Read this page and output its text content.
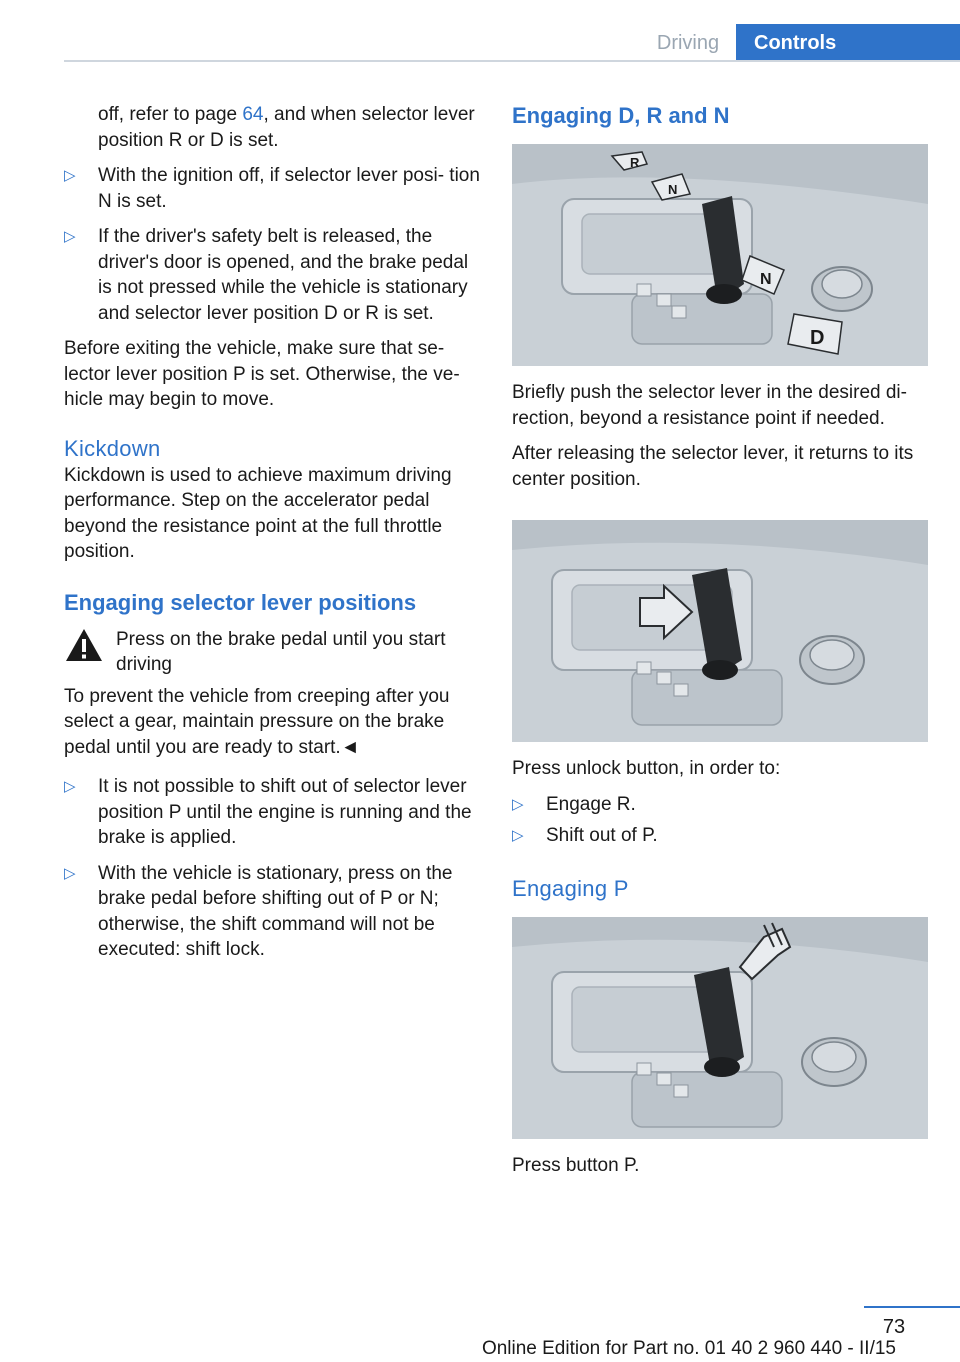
Driving	Controls

off, refer to page 64, and when selector lever position R or D is set.

▷	With the ignition off, if selector lever posi‐ tion N is set.
▷	If the driver's safety belt is released, the driver's door is opened, and the brake pedal is not pressed while the vehicle is stationary and selector lever position D or R is set.

Before exiting the vehicle, make sure that se‐ lector lever position P is set. Otherwise, the ve‐ hicle may begin to move.

Kickdown

Kickdown is used to achieve maximum driving performance. Step on the accelerator pedal beyond the resistance point at the full throttle position.

Engaging selector lever positions
Press on the brake pedal until you start driving

To prevent the vehicle from creeping after you select a gear, maintain pressure on the brake pedal until you are ready to start.◄

▷	It is not possible to shift out of selector lever position P until the engine is running and the brake is applied.
▷	With the vehicle is stationary, press on the brake pedal before shifting out of P or N; otherwise, the shift command will not be executed: shift lock.
Engaging D, R and N
R
N
N
D

Briefly push the selector lever in the desired di‐ rection, beyond a resistance point if needed.

After releasing the selector lever, it returns to its center position.

Press unlock button, in order to:

▷	Engage R.
▷	Shift out of P.
Engaging P

Press button P.

73
Online Edition for Part no. 01 40 2 960 440 - II/15
